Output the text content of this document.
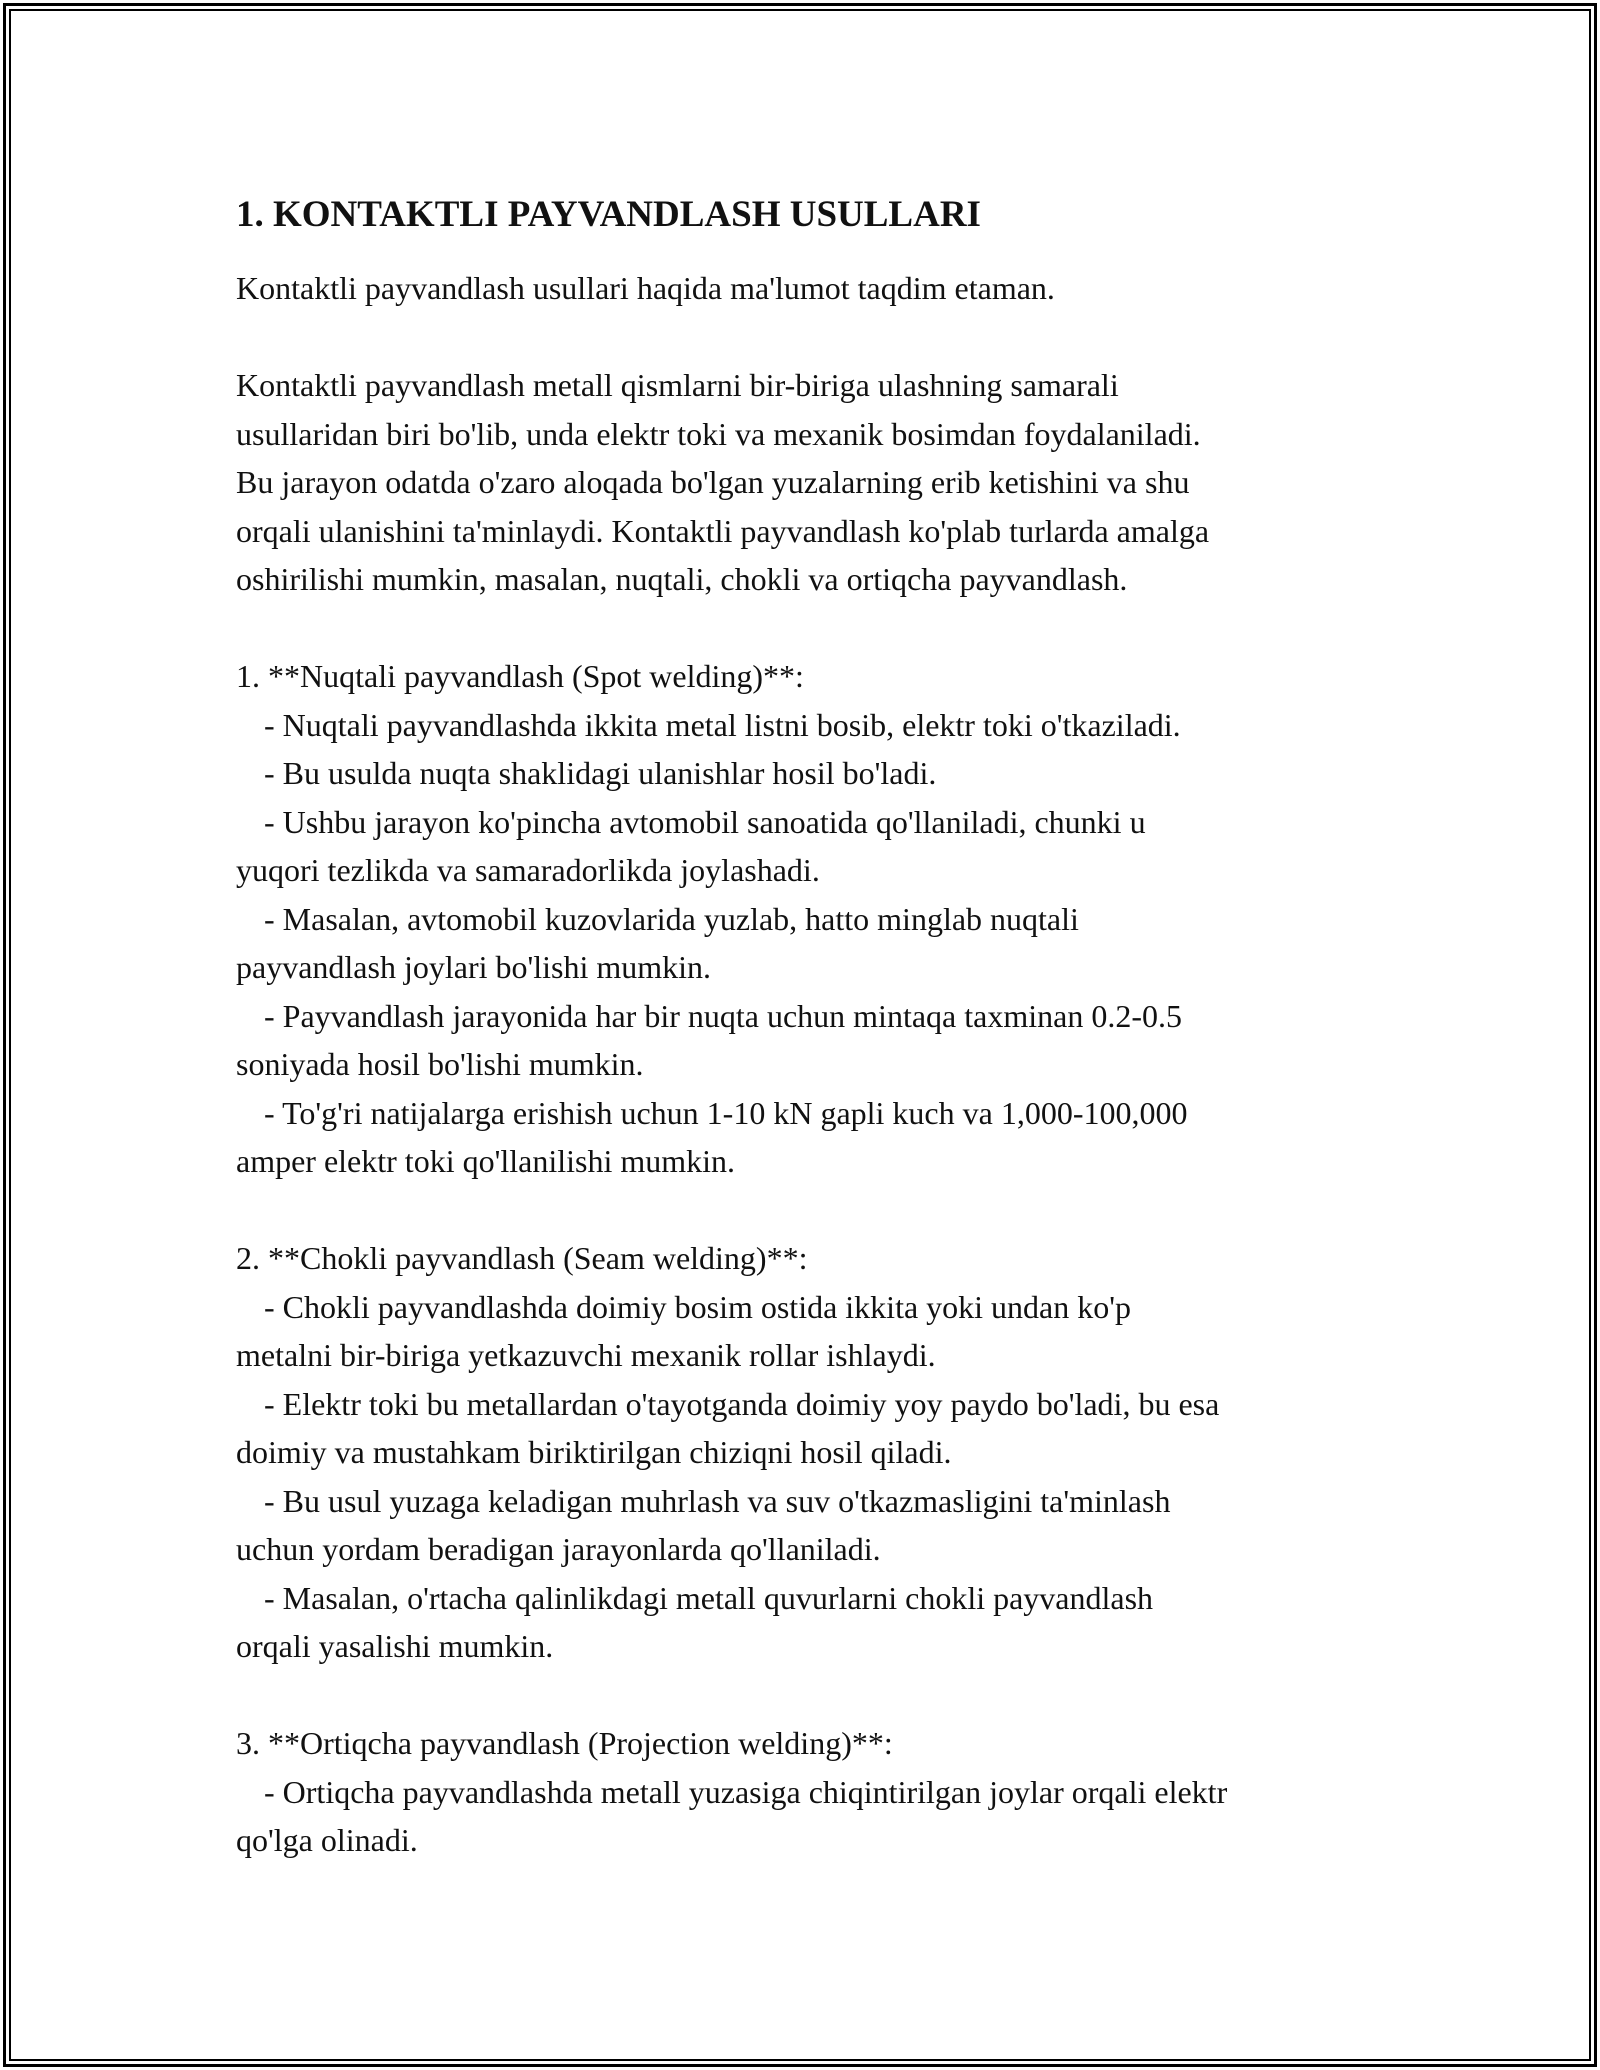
1. KONTAKTLI PAYVANDLASH USULLARI

Kontaktli payvandlash usullari haqida ma'lumot taqdim etaman.

Kontaktli payvandlash metall qismlarni bir-biriga ulashning samarali
usullaridan biri bo'lib, unda elektr toki va mexanik bosimdan foydalaniladi.
Bu jarayon odatda o'zaro aloqada bo'lgan yuzalarning erib ketishini va shu
orqali ulanishini ta'minlaydi. Kontaktli payvandlash ko'plab turlarda amalga
oshirilishi mumkin, masalan, nuqtali, chokli va ortiqcha payvandlash.

1. **Nuqtali payvandlash (Spot welding)**:

- Nuqtali payvandlashda ikkita metal listni bosib, elektr toki o'tkaziladi.

- Bu usulda nuqta shaklidagi ulanishlar hosil bo'ladi.

- Ushbu jarayon ko'pincha avtomobil sanoatida qo'llaniladi, chunki u
yuqori tezlikda va samaradorlikda joylashadi.

- Masalan, avtomobil kuzovlarida yuzlab, hatto minglab nuqtali
payvandlash joylari bo'lishi mumkin.

- Payvandlash jarayonida har bir nuqta uchun mintaqa taxminan 0.2-0.5
soniyada hosil bo'lishi mumkin.

- To'g'ri natijalarga erishish uchun 1-10 kN gapli kuch va 1,000-100,000
amper elektr toki qo'llanilishi mumkin.

2. **Chokli payvandlash (Seam welding)**:

- Chokli payvandlashda doimiy bosim ostida ikkita yoki undan ko'p
metalni bir-biriga yetkazuvchi mexanik rollar ishlaydi.

- Elektr toki bu metallardan o'tayotganda doimiy yoy paydo bo'ladi, bu esa
doimiy va mustahkam biriktirilgan chiziqni hosil qiladi.

- Bu usul yuzaga keladigan muhrlash va suv o'tkazmasligini ta'minlash
uchun yordam beradigan jarayonlarda qo'llaniladi.

- Masalan, o'rtacha qalinlikdagi metall quvurlarni chokli payvandlash
orqali yasalishi mumkin.

3. **Ortiqcha payvandlash (Projection welding)**:

- Ortiqcha payvandlashda metall yuzasiga chiqintirilgan joylar orqali elektr
qo'lga olinadi.
